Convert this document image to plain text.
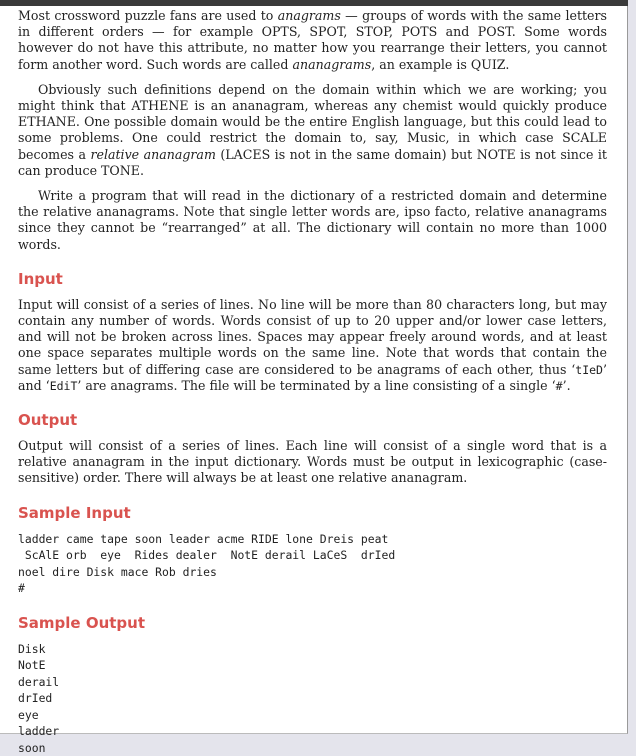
Most crossword puzzle fans are used to anagrams — groups of words with the same letters in different orders — for example OPTS, SPOT, STOP, POTS and POST. Some words however do not have this attribute, no matter how you rearrange their letters, you cannot form another word. Such words are called ananagrams, an example is QUIZ.

Obviously such definitions depend on the domain within which we are working; you might think that ATHENE is an ananagram, whereas any chemist would quickly produce ETHANE. One possible domain would be the entire English language, but this could lead to some problems. One could restrict the domain to, say, Music, in which case SCALE becomes a relative ananagram (LACES is not in the same domain) but NOTE is not since it can produce TONE.

Write a program that will read in the dictionary of a restricted domain and determine the relative ananagrams. Note that single letter words are, ipso facto, relative ananagrams since they cannot be “rearranged” at all. The dictionary will contain no more than 1000 words.

Input

Input will consist of a series of lines. No line will be more than 80 characters long, but may contain any number of words. Words consist of up to 20 upper and/or lower case letters, and will not be broken across lines. Spaces may appear freely around words, and at least one space separates multiple words on the same line. Note that words that contain the same letters but of differing case are considered to be anagrams of each other, thus ‘tIeD’ and ‘EdiT’ are anagrams. The file will be terminated by a line consisting of a single ‘#’.

Output

Output will consist of a series of lines. Each line will consist of a single word that is a relative ananagram in the input dictionary. Words must be output in lexicographic (case-sensitive) order. There will always be at least one relative ananagram.

Sample Input
ladder came tape soon leader acme RIDE lone Dreis peat
ScAlE orb  eye  Rides dealer  NotE derail LaCeS  drIed
noel dire Disk mace Rob dries
#
Sample Output
Disk
NotE
derail
drIed
eye
ladder
soon
